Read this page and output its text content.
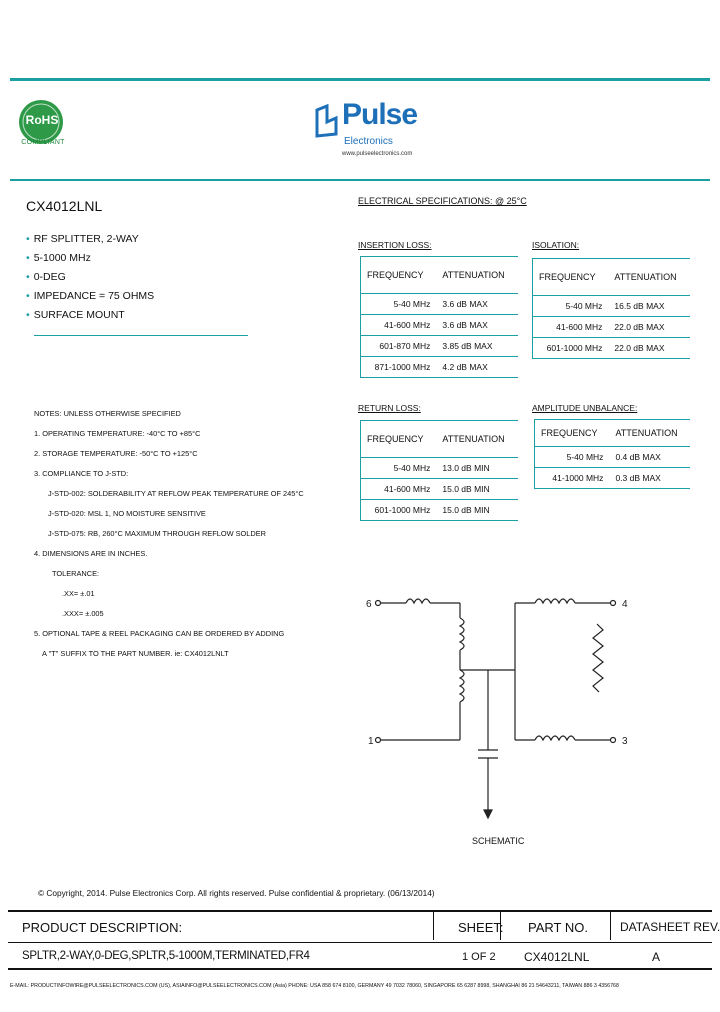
RoHS
COMPLIANT
Pulse
Electronics
www.pulseelectronics.com
CX4012LNL
• RF SPLITTER, 2-WAY
• 5-1000 MHz
• 0-DEG
• IMPEDANCE = 75 OHMS
• SURFACE MOUNT
NOTES: UNLESS OTHERWISE SPECIFIED
1. OPERATING TEMPERATURE: -40°C TO +85°C
2. STORAGE TEMPERATURE: -50°C TO +125°C
3. COMPLIANCE TO J-STD:
J-STD-002: SOLDERABILITY AT REFLOW PEAK TEMPERATURE OF 245°C
J-STD-020: MSL 1, NO MOISTURE SENSITIVE
J-STD-075: RB, 260°C MAXIMUM THROUGH REFLOW SOLDER
4. DIMENSIONS ARE IN INCHES.
TOLERANCE:
.XX= ±.01
.XXX= ±.005
5. OPTIONAL TAPE & REEL PACKAGING CAN BE ORDERED BY ADDING
A "T" SUFFIX TO THE PART NUMBER. ie: CX4012LNLT
ELECTRICAL SPECIFICATIONS: @ 25°C
INSERTION LOSS:
FREQUENCY	ATTENUATION
5-40 MHz	3.6 dB MAX
41-600 MHz	3.6 dB MAX
601-870 MHz	3.85 dB MAX
871-1000 MHz	4.2 dB MAX
ISOLATION:
FREQUENCY	ATTENUATION
5-40 MHz	16.5 dB MAX
41-600 MHz	22.0 dB MAX
601-1000 MHz	22.0 dB MAX
RETURN LOSS:
FREQUENCY	ATTENUATION
5-40 MHz	13.0 dB MIN
41-600 MHz	15.0 dB MIN
601-1000 MHz	15.0 dB MIN
AMPLITUDE UNBALANCE:
FREQUENCY	ATTENUATION
5-40 MHz	0.4 dB MAX
41-1000 MHz	0.3 dB MAX
6	4
1	3
SCHEMATIC
© Copyright, 2014. Pulse Electronics Corp. All rights reserved. Pulse confidential & proprietary. (06/13/2014)
PRODUCT DESCRIPTION:	SHEET: PART NO.	DATASHEET REV.
SPLTR,2-WAY,0-DEG,SPLTR,5-1000M,TERMINATED,FR4	1 OF 2 CX4012LNL	A
E-MAIL: PRODUCTINFOWIRE@PULSEELECTRONICS.COM (US), ASIAINFO@PULSEELECTRONICS.COM (Asia) PHONE: USA 858 674 8100, GERMANY 49 7032 78060, SINGAPORE 65 6287 8998, SHANGHAI 86 21 54643211, TAIWAN 886 3 4356768
